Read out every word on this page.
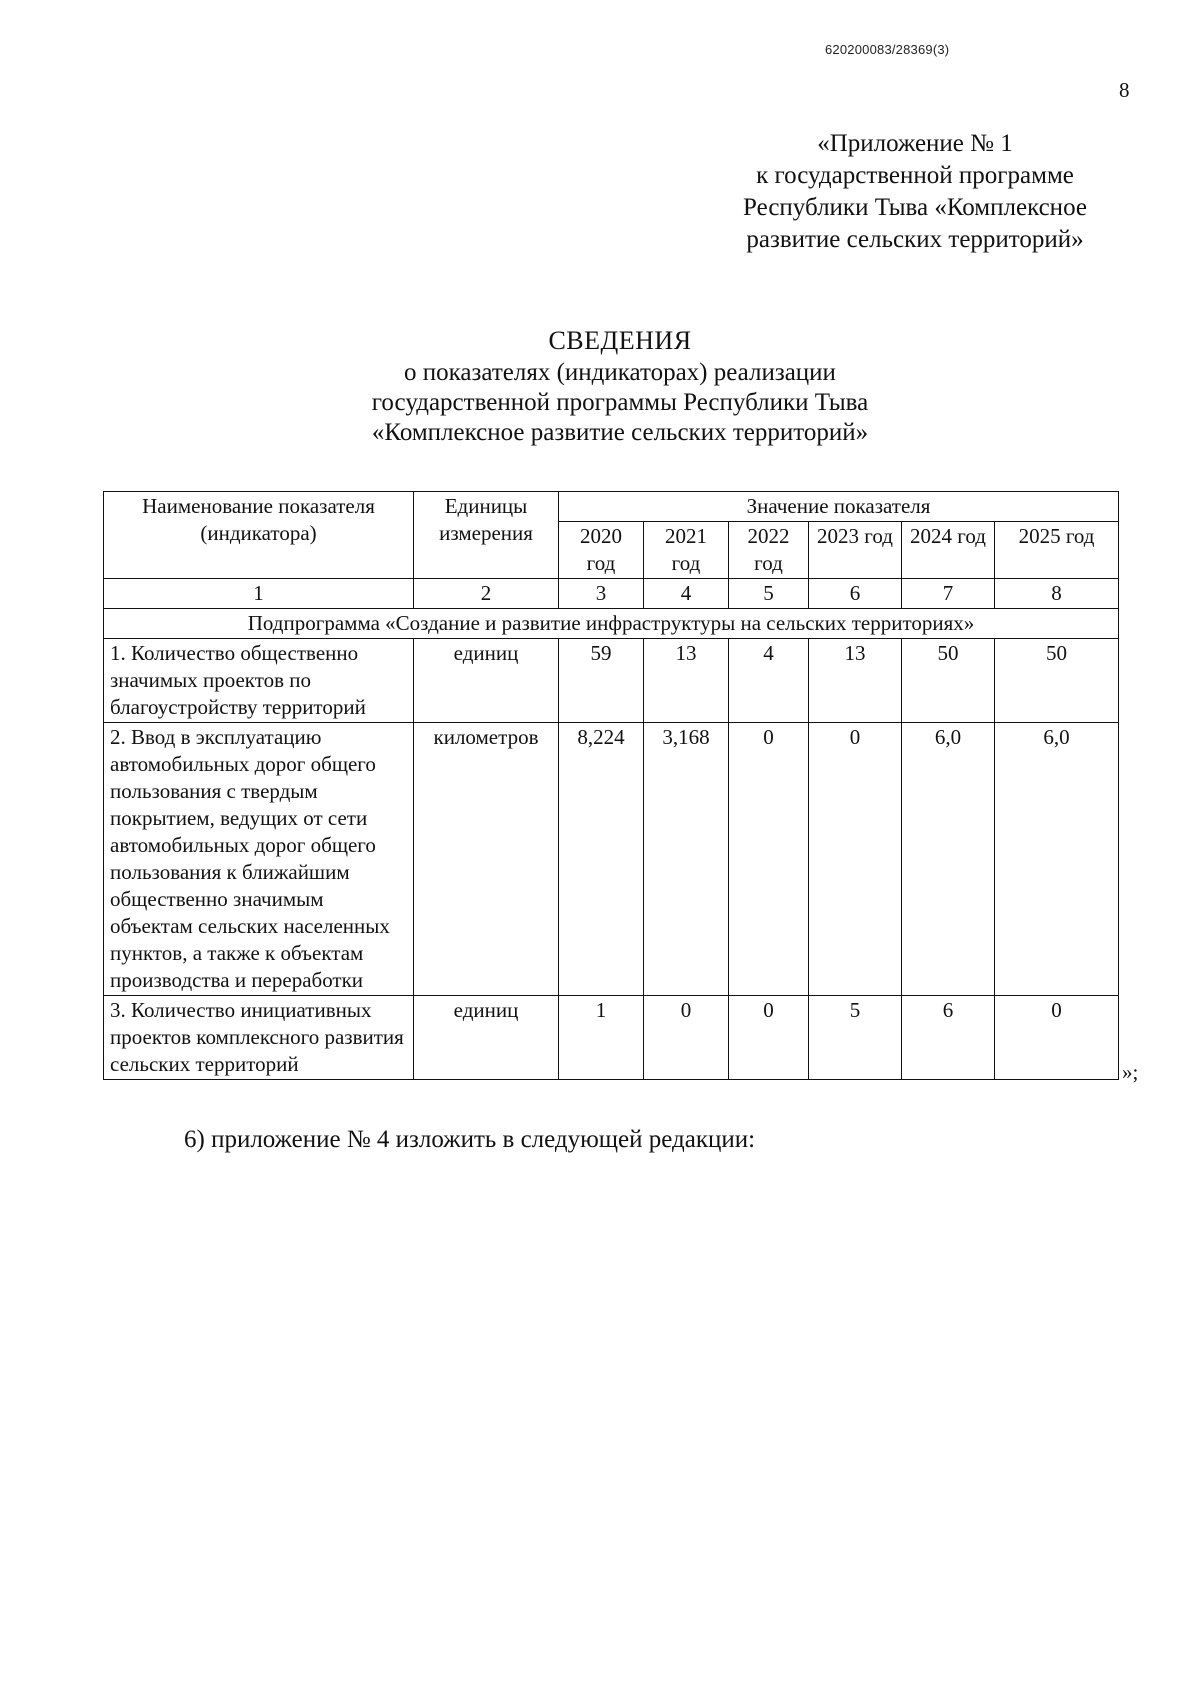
620200083/28369(3)
8
«Приложение № 1
к государственной программе
Республики Тыва «Комплексное
развитие сельских территорий»
СВЕДЕНИЯ
о показателях (индикаторах) реализации
государственной программы Республики Тыва
«Комплексное развитие сельских территорий»
Наименование показателя (индикатора)	Единицы измерения	Значение показателя					
		2020 год	2021 год	2022 год	2023 год	2024 год	2025 год
1	2	3	4	5	6	7	8
Подпрограмма «Создание и развитие инфраструктуры на сельских территориях»							
1. Количество общественно значимых проектов по благоустройству территорий	единиц	59	13	4	13	50	50
2. Ввод в эксплуатацию автомобильных дорог общего пользования с твердым покрытием, ведущих от сети автомобильных дорог общего пользования к ближайшим общественно значимым объектам сельских населенных пунктов, а также к объектам производства и переработки	километров	8,224	3,168	0	0	6,0	6,0
3. Количество инициативных проектов комплексного развития сельских территорий	единиц	1	0	0	5	6	0
»;
6) приложение № 4 изложить в следующей редакции:
